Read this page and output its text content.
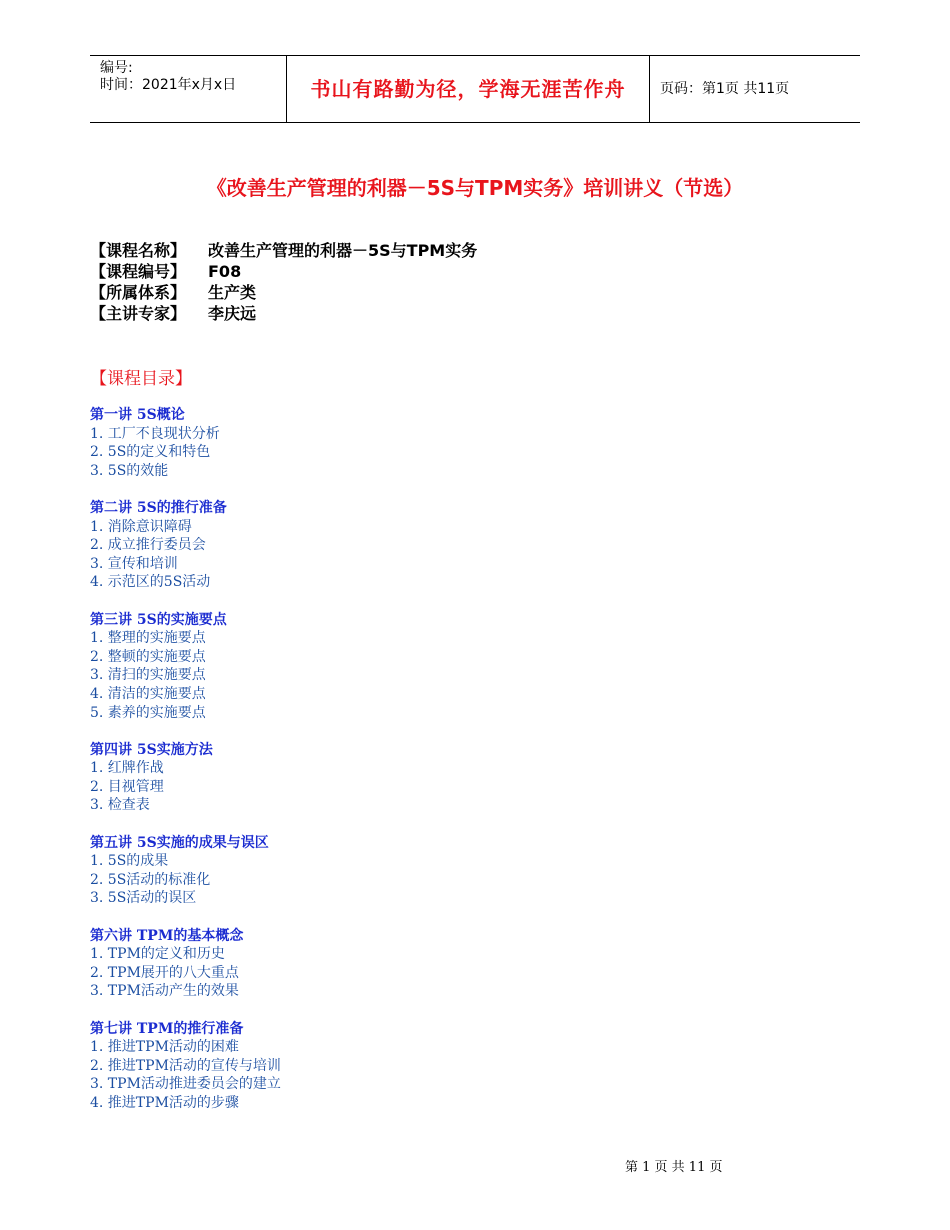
编号:
时间：2021年x月x日	书山有路勤为径，学海无涯苦作舟	页码：第1页 共11页
《改善生产管理的利器－5S与TPM实务》培训讲义（节选）
【课程名称】 改善生产管理的利器－5S与TPM实务
【课程编号】 F08
【所属体系】 生产类
【主讲专家】 李庆远
【课程目录】
第一讲 5S概论
1. 工厂不良现状分析
2. 5S的定义和特色
3. 5S的效能
第二讲 5S的推行准备
1. 消除意识障碍
2. 成立推行委员会
3. 宣传和培训
4. 示范区的5S活动
第三讲 5S的实施要点
1. 整理的实施要点
2. 整顿的实施要点
3. 清扫的实施要点
4. 清洁的实施要点
5. 素养的实施要点
第四讲 5S实施方法
1. 红牌作战
2. 目视管理
3. 检查表
第五讲 5S实施的成果与误区
1. 5S的成果
2. 5S活动的标准化
3. 5S活动的误区
第六讲 TPM的基本概念
1. TPM的定义和历史
2. TPM展开的八大重点
3. TPM活动产生的效果
第七讲 TPM的推行准备
1. 推进TPM活动的困难
2. 推进TPM活动的宣传与培训
3. TPM活动推进委员会的建立
4. 推进TPM活动的步骤
第 1 页 共 11 页
